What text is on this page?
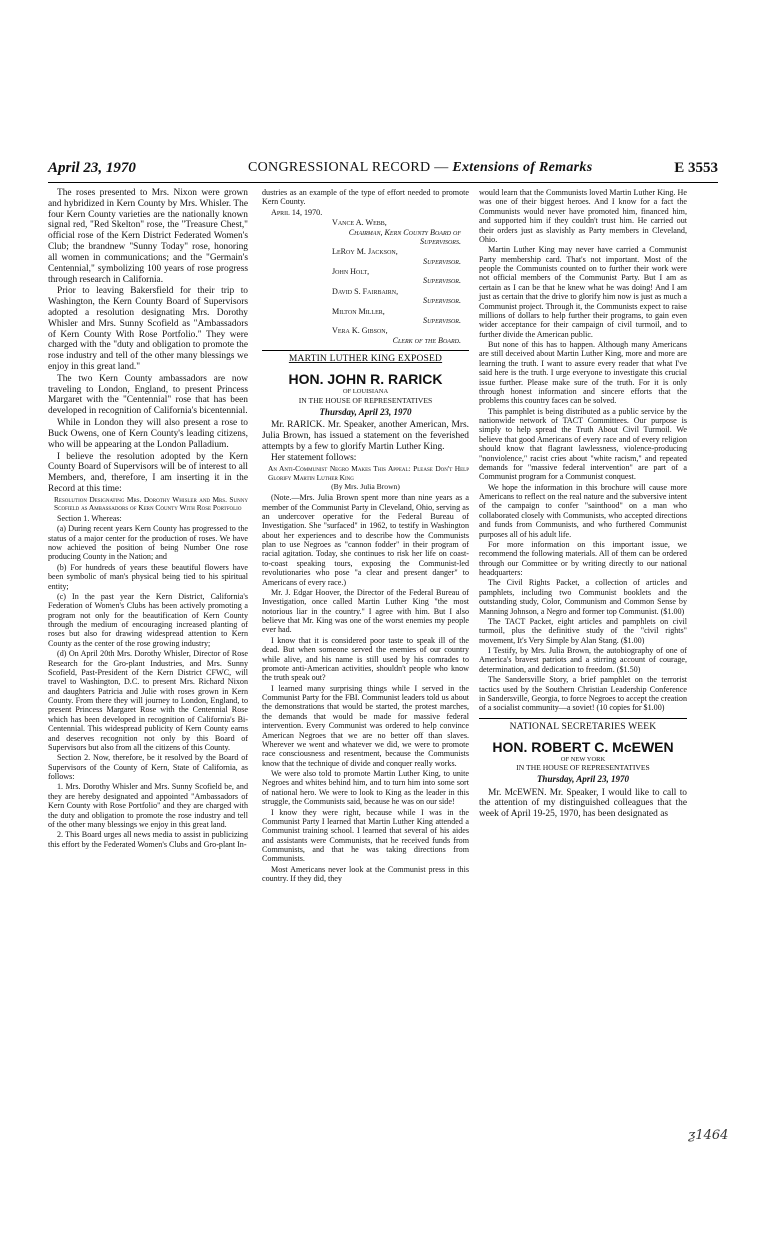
April 23, 1970	CONGRESSIONAL RECORD — Extensions of Remarks	E 3553

The roses presented to Mrs. Nixon were grown and hybridized in Kern County by Mrs. Whisler. The four Kern County varieties are the nationally known signal red, "Red Skelton" rose, the "Treasure Chest," official rose of the Kern District Federated Women's Club; the brandnew "Sunny Today" rose, honoring all women in communications; and the "Germain's Centennial," symbolizing 100 years of rose progress through research in California.

Prior to leaving Bakersfield for their trip to Washington, the Kern County Board of Supervisors adopted a resolution designating Mrs. Dorothy Whisler and Mrs. Sunny Scofield as "Ambassadors of Kern County With Rose Portfolio." They were charged with the "duty and obligation to promote the rose industry and tell of the other many blessings we enjoy in this great land."

The two Kern County ambassadors are now traveling to London, England, to present Princess Margaret with the "Centennial" rose that has been developed in recognition of California's bicentennial.

While in London they will also present a rose to Buck Owens, one of Kern County's leading citizens, who will be appearing at the London Palladium.

I believe the resolution adopted by the Kern County Board of Supervisors will be of interest to all Members, and, therefore, I am inserting it in the Record at this time:

Resolution Designating Mrs. Dorothy Whisler and Mrs. Sunny Scofield as Ambassadors of Kern County With Rose Portfolio

Section 1. Whereas:

(a) During recent years Kern County has progressed to the status of a major center for the production of roses. We have now achieved the position of being Number One rose producing County in the Nation; and

(b) For hundreds of years these beautiful flowers have been symbolic of man's physical being tied to his spiritual entity;

(c) In the past year the Kern District, California's Federation of Women's Clubs has been actively promoting a program not only for the beautification of Kern County through the medium of encouraging increased planting of roses but also for drawing widespread attention to Kern County as the center of the rose growing industry;

(d) On April 20th Mrs. Dorothy Whisler, Director of Rose Research for the Gro-plant Industries, and Mrs. Sunny Scofield, Past-President of the Kern District CFWC, will travel to Washington, D.C. to present Mrs. Richard Nixon and daughters Patricia and Julie with roses grown in Kern County. From there they will journey to London, England, to present Princess Margaret Rose with the Centennial Rose which has been developed in recognition of California's Bi-Centennial. This widespread publicity of Kern County earns and deserves recognition not only by this Board of Supervisors but also from all the citizens of this County.

Section 2. Now, therefore, be it resolved by the Board of Supervisors of the County of Kern, State of California, as follows:

1. Mrs. Dorothy Whisler and Mrs. Sunny Scofield be, and they are hereby designated and appointed "Ambassadors of Kern County with Rose Portfolio" and they are charged with the duty and obligation to promote the rose industry and tell of the other many blessings we enjoy in this great land.

2. This Board urges all news media to assist in publicizing this effort by the Federated Women's Clubs and Gro-plant In-

dustries as an example of the type of effort needed to promote Kern County.

April 14, 1970.

Vance A. Webb,
Chairman, Kern County Board of Supervisors.

LeRoy M. Jackson,
Supervisor.

John Holt,
Supervisor.

David S. Fairbairn,
Supervisor.

Milton Miller,
Supervisor.

Vera K. Gibson,
Clerk of the Board.

MARTIN LUTHER KING EXPOSED
HON. JOHN R. RARICK
OF LOUISIANA
IN THE HOUSE OF REPRESENTATIVES
Thursday, April 23, 1970

Mr. RARICK. Mr. Speaker, another American, Mrs. Julia Brown, has issued a statement on the feverished attempts by a few to glorify Martin Luther King.

Her statement follows:

An Anti-Communist Negro Makes This Appeal: Please Don't Help Glorify Martin Luther King

(By Mrs. Julia Brown)

(Note.—Mrs. Julia Brown spent more than nine years as a member of the Communist Party in Cleveland, Ohio, serving as an undercover operative for the Federal Bureau of Investigation. She "surfaced" in 1962, to testify in Washington about her experiences and to describe how the Communists plan to use Negroes as "cannon fodder" in their program of racial agitation. Today, she continues to risk her life on coast-to-coast speaking tours, exposing the Communist-led revolutionaries who pose "a clear and present danger" to Americans of every race.)

Mr. J. Edgar Hoover, the Director of the Federal Bureau of Investigation, once called Martin Luther King "the most notorious liar in the country." I agree with him. But I also believe that Mr. King was one of the worst enemies my people ever had.

I know that it is considered poor taste to speak ill of the dead. But when someone served the enemies of our country while alive, and his name is still used by his comrades to promote anti-American activities, shouldn't people who know the truth speak out?

I learned many surprising things while I served in the Communist Party for the FBI. Communist leaders told us about the demonstrations that would be started, the protest marches, the demands that would be made for massive federal intervention. Every Communist was ordered to help convince American Negroes that we are no better off than slaves. Wherever we went and whatever we did, we were to promote race consciousness and resentment, because the Communists know that the technique of divide and conquer really works.

We were also told to promote Martin Luther King, to unite Negroes and whites behind him, and to turn him into some sort of national hero. We were to look to King as the leader in this struggle, the Communists said, because he was on our side!

I know they were right, because while I was in the Communist Party I learned that Martin Luther King attended a Communist training school. I learned that several of his aides and assistants were Communists, that he received funds from Communists, and that he was taking directions from Communists.

Most Americans never look at the Communist press in this country. If they did, they

would learn that the Communists loved Martin Luther King. He was one of their biggest heroes. And I know for a fact the Communists would never have promoted him, financed him, and supported him if they couldn't trust him. He carried out their orders just as slavishly as Party members in Cleveland, Ohio.

Martin Luther King may never have carried a Communist Party membership card. That's not important. Most of the people the Communists counted on to further their work were not official members of the Communist Party. But I am as certain as I can be that he knew what he was doing! And I am just as certain that the drive to glorify him now is just as much a Communist project. Through it, the Communists expect to raise millions of dollars to help further their programs, to gain even wider acceptance for their campaign of civil turmoil, and to further divide the American public.

But none of this has to happen. Although many Americans are still deceived about Martin Luther King, more and more are learning the truth. I want to assure every reader that what I've said here is the truth. I urge everyone to investigate this crucial issue further. Please make sure of the truth. For it is only through honest information and sincere efforts that the problems this country faces can be solved.

This pamphlet is being distributed as a public service by the nationwide network of TACT Committees. Our purpose is simply to help spread the Truth About Civil Turmoil. We believe that good Americans of every race and of every religion should know that flagrant lawlessness, violence-producing "nonviolence," racist cries about "white racism," and repeated demands for "massive federal intervention" are part of a Communist program for a Communist conquest.

We hope the information in this brochure will cause more Americans to reflect on the real nature and the subversive intent of the campaign to confer "sainthood" on a man who collaborated closely with Communists, who accepted directions and funds from Communists, and who furthered Communist purposes all of his adult life.

For more information on this important issue, we recommend the following materials. All of them can be ordered through our Committee or by writing directly to our national headquarters:

The Civil Rights Packet, a collection of articles and pamphlets, including two Communist booklets and the outstanding study, Color, Communism and Common Sense by Manning Johnson, a Negro and former top Communist. ($1.00)

The TACT Packet, eight articles and pamphlets on civil turmoil, plus the definitive study of the "civil rights" movement, It's Very Simple by Alan Stang. ($1.00)

I Testify, by Mrs. Julia Brown, the autobiography of one of America's bravest patriots and a stirring account of courage, determination, and dedication to freedom. ($1.50)

The Sandersville Story, a brief pamphlet on the terrorist tactics used by the Southern Christian Leadership Conference in Sandersville, Georgia, to force Negroes to accept the creation of a socialist community—a soviet! (10 copies for $1.00)

NATIONAL SECRETARIES WEEK
HON. ROBERT C. McEWEN
OF NEW YORK
IN THE HOUSE OF REPRESENTATIVES
Thursday, April 23, 1970

Mr. McEWEN. Mr. Speaker, I would like to call to the attention of my distinguished colleagues that the week of April 19-25, 1970, has been designated as

ƺ1464
